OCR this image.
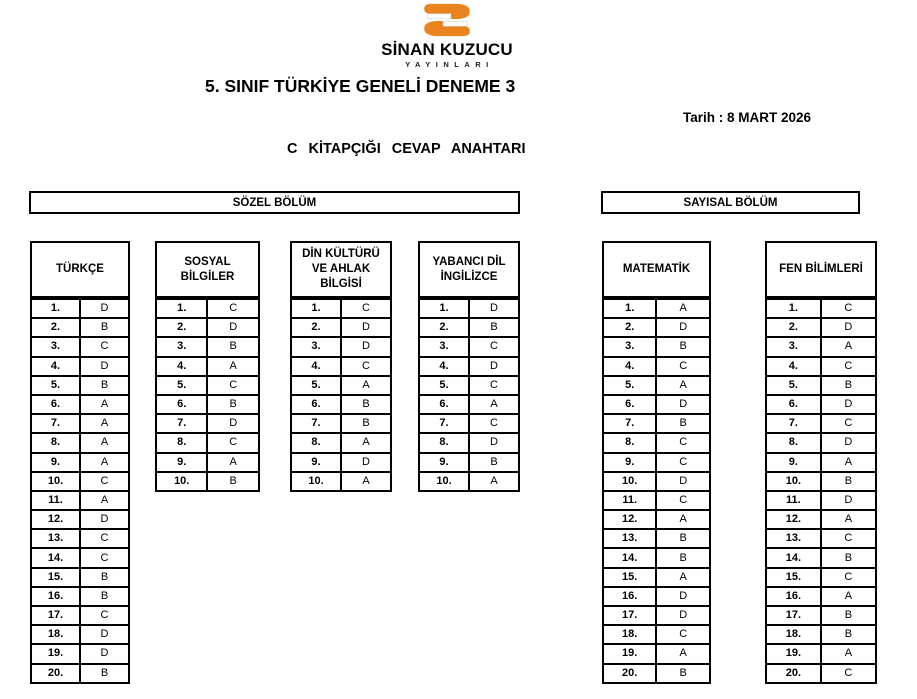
SİNAN KUZUCU
YAYINLARI
5. SINIF TÜRKİYE GENELİ DENEME 3
Tarih : 8 MART 2026
C KİTAPÇIĞI CEVAP ANAHTARI
SÖZEL BÖLÜM	SAYISAL BÖLÜM
TÜRKÇE
1.	D
2.	B
3.	C
4.	D
5.	B
6.	A
7.	A
8.	A
9.	A
10.	C
11.	A
12.	D
13.	C
14.	C
15.	B
16.	B
17.	C
18.	D
19.	D
20.	B
SOSYAL BİLGİLER
1.	C
2.	D
3.	B
4.	A
5.	C
6.	B
7.	D
8.	C
9.	A
10.	B
DİN KÜLTÜRÜ VE AHLAK BİLGİSİ
1.	C
2.	D
3.	D
4.	C
5.	A
6.	B
7.	B
8.	A
9.	D
10.	A
YABANCI DİL İNGİLİZCE
1.	D
2.	B
3.	C
4.	D
5.	C
6.	A
7.	C
8.	D
9.	B
10.	A
MATEMATİK
1.	A
2.	D
3.	B
4.	C
5.	A
6.	D
7.	B
8.	C
9.	C
10.	D
11.	C
12.	A
13.	B
14.	B
15.	A
16.	D
17.	D
18.	C
19.	A
20.	B
FEN BİLİMLERİ
1.	C
2.	D
3.	A
4.	C
5.	B
6.	D
7.	C
8.	D
9.	A
10.	B
11.	D
12.	A
13.	C
14.	B
15.	C
16.	A
17.	B
18.	B
19.	A
20.	C
